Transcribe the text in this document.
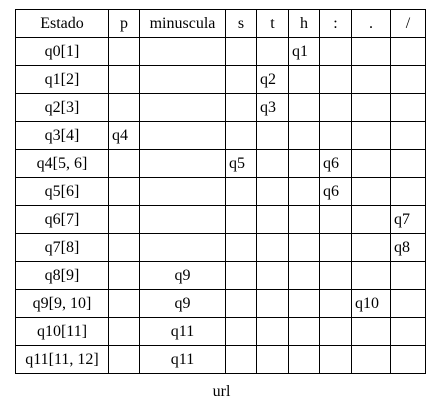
Estado	p	minuscula	s	t	h	:	.	/
q0[1]					q1			
q1[2]				q2				
q2[3]				q3				
q3[4]	q4							
q4[5, 6]			q5			q6		
q5[6]						q6		
q6[7]								q7
q7[8]								q8
q8[9]		q9						
q9[9, 10]		q9					q10	
q10[11]		q11						
q11[11, 12]		q11						
url
